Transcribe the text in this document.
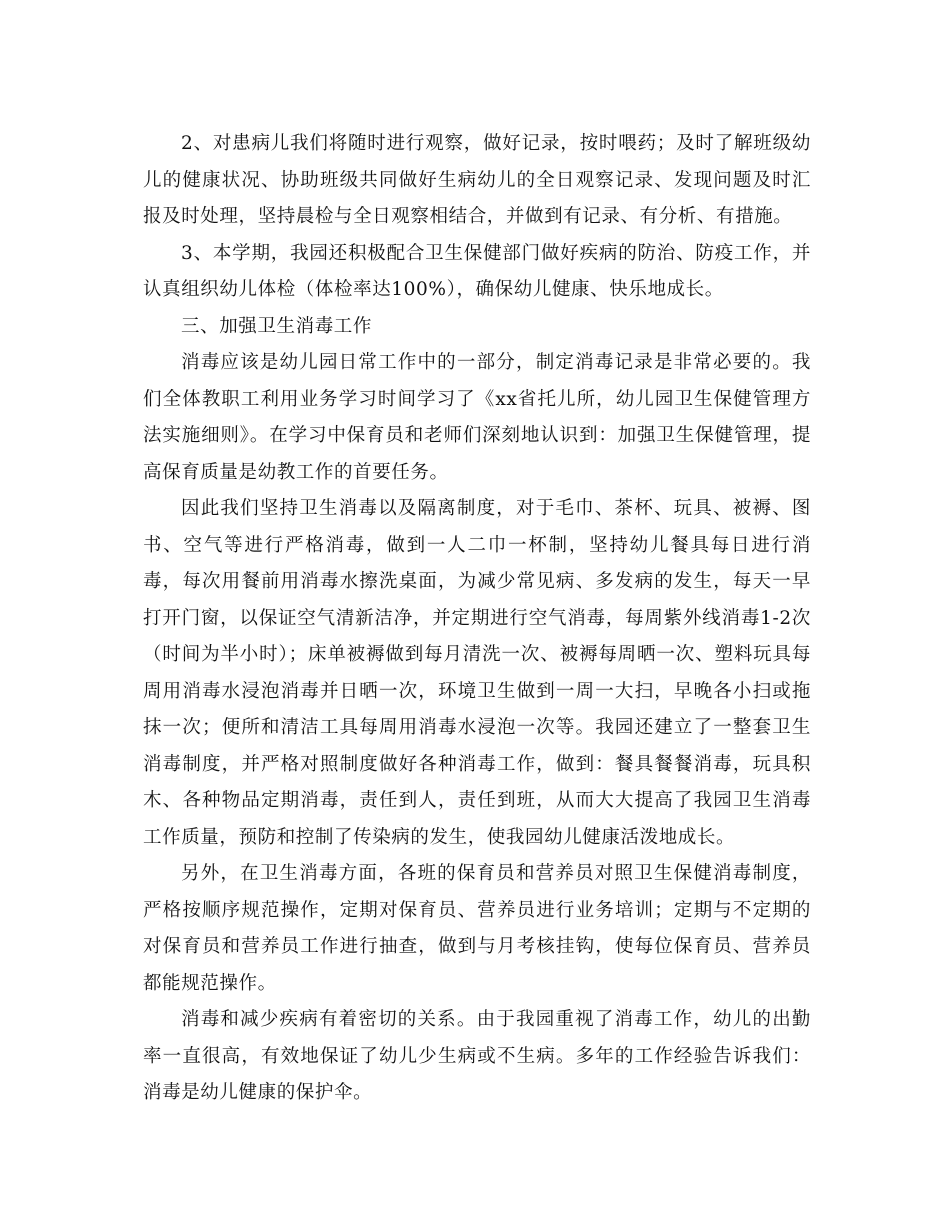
2、对患病儿我们将随时进行观察，做好记录，按时喂药；及时了解班级幼儿的健康状况、协助班级共同做好生病幼儿的全日观察记录、发现问题及时汇报及时处理，坚持晨检与全日观察相结合，并做到有记录、有分析、有措施。

3、本学期，我园还积极配合卫生保健部门做好疾病的防治、防疫工作，并认真组织幼儿体检（体检率达100%），确保幼儿健康、快乐地成长。

三、加强卫生消毒工作

消毒应该是幼儿园日常工作中的一部分，制定消毒记录是非常必要的。我们全体教职工利用业务学习时间学习了《xx省托儿所，幼儿园卫生保健管理方法实施细则》。在学习中保育员和老师们深刻地认识到：加强卫生保健管理，提高保育质量是幼教工作的首要任务。

因此我们坚持卫生消毒以及隔离制度，对于毛巾、茶杯、玩具、被褥、图书、空气等进行严格消毒，做到一人二巾一杯制，坚持幼儿餐具每日进行消毒，每次用餐前用消毒水擦洗桌面，为减少常见病、多发病的发生，每天一早打开门窗，以保证空气清新洁净，并定期进行空气消毒，每周紫外线消毒1-2次（时间为半小时）；床单被褥做到每月清洗一次、被褥每周晒一次、塑料玩具每周用消毒水浸泡消毒并日晒一次，环境卫生做到一周一大扫，早晚各小扫或拖抹一次；便所和清洁工具每周用消毒水浸泡一次等。我园还建立了一整套卫生消毒制度，并严格对照制度做好各种消毒工作，做到：餐具餐餐消毒，玩具积木、各种物品定期消毒，责任到人，责任到班，从而大大提高了我园卫生消毒工作质量，预防和控制了传染病的发生，使我园幼儿健康活泼地成长。

另外，在卫生消毒方面，各班的保育员和营养员对照卫生保健消毒制度，严格按顺序规范操作，定期对保育员、营养员进行业务培训；定期与不定期的对保育员和营养员工作进行抽查，做到与月考核挂钩，使每位保育员、营养员都能规范操作。

消毒和减少疾病有着密切的关系。由于我园重视了消毒工作，幼儿的出勤率一直很高，有效地保证了幼儿少生病或不生病。多年的工作经验告诉我们：消毒是幼儿健康的保护伞。
